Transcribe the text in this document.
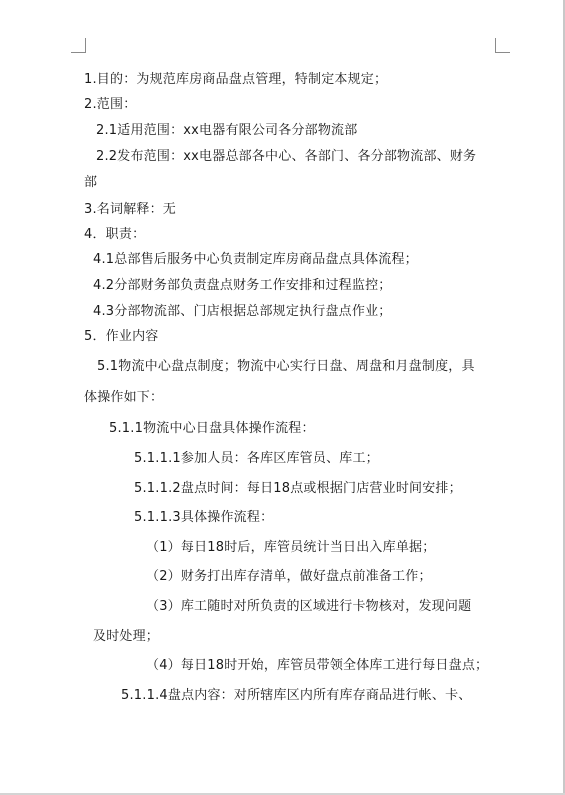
1.目的：为规范库房商品盘点管理，特制定本规定；
2.范围：
2.1适用范围：xx电器有限公司各分部物流部
2.2发布范围：xx电器总部各中心、各部门、各分部物流部、财务
部
3.名词解释：无
4．职责：
4.1总部售后服务中心负责制定库房商品盘点具体流程；
4.2分部财务部负责盘点财务工作安排和过程监控；
4.3分部物流部、门店根据总部规定执行盘点作业；
5．作业内容
5.1物流中心盘点制度；物流中心实行日盘、周盘和月盘制度，具
体操作如下：
5.1.1物流中心日盘具体操作流程：
5.1.1.1参加人员：各库区库管员、库工；
5.1.1.2盘点时间：每日18点或根据门店营业时间安排；
5.1.1.3具体操作流程：
（1）每日18时后，库管员统计当日出入库单据；
（2）财务打出库存清单，做好盘点前准备工作；
（3）库工随时对所负责的区域进行卡物核对，发现问题
及时处理；
（4）每日18时开始，库管员带领全体库工进行每日盘点；
5.1.1.4盘点内容：对所辖库区内所有库存商品进行帐、卡、
